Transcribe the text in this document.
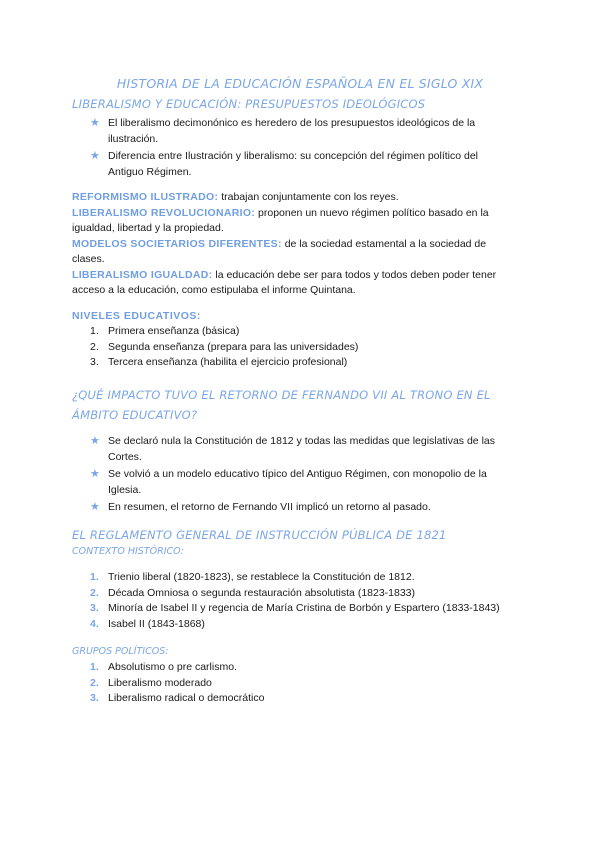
HISTORIA DE LA EDUCACIÓN ESPAÑOLA EN EL SIGLO XIX
LIBERALISMO Y EDUCACIÓN: PRESUPUESTOS IDEOLÓGICOS
★ El liberalismo decimonónico es heredero de los presupuestos ideológicos de la ilustración.
★ Diferencia entre Ilustración y liberalismo: su concepción del régimen político del Antiguo Régimen.
REFORMISMO ILUSTRADO: trabajan conjuntamente con los reyes.
LIBERALISMO REVOLUCIONARIO: proponen un nuevo régimen político basado en la igualdad, libertad y la propiedad.
MODELOS SOCIETARIOS DIFERENTES: de la sociedad estamental a la sociedad de clases.
LIBERALISMO IGUALDAD: la educación debe ser para todos y todos deben poder tener acceso a la educación, como estipulaba el informe Quintana.
NIVELES EDUCATIVOS:
1. Primera enseñanza (básica)
2. Segunda enseñanza (prepara para las universidades)
3. Tercera enseñanza (habilita el ejercicio profesional)
¿QUÉ IMPACTO TUVO EL RETORNO DE FERNANDO VII AL TRONO EN EL ÁMBITO EDUCATIVO?
★ Se declaró nula la Constitución de 1812 y todas las medidas que legislativas de las Cortes.
★ Se volvió a un modelo educativo típico del Antiguo Régimen, con monopolio de la Iglesia.
★ En resumen, el retorno de Fernando VII implicó un retorno al pasado.
EL REGLAMENTO GENERAL DE INSTRUCCIÓN PÚBLICA DE 1821
CONTEXTO HISTÓRICO:
1. Trienio liberal (1820-1823), se restablece la Constitución de 1812.
2. Década Omniosa o segunda restauración absolutista (1823-1833)
3. Minoría de Isabel II y regencia de María Cristina de Borbón y Espartero (1833-1843)
4. Isabel II (1843-1868)
GRUPOS POLÍTICOS:
1. Absolutismo o pre carlismo.
2. Liberalismo moderado
3. Liberalismo radical o democrático
